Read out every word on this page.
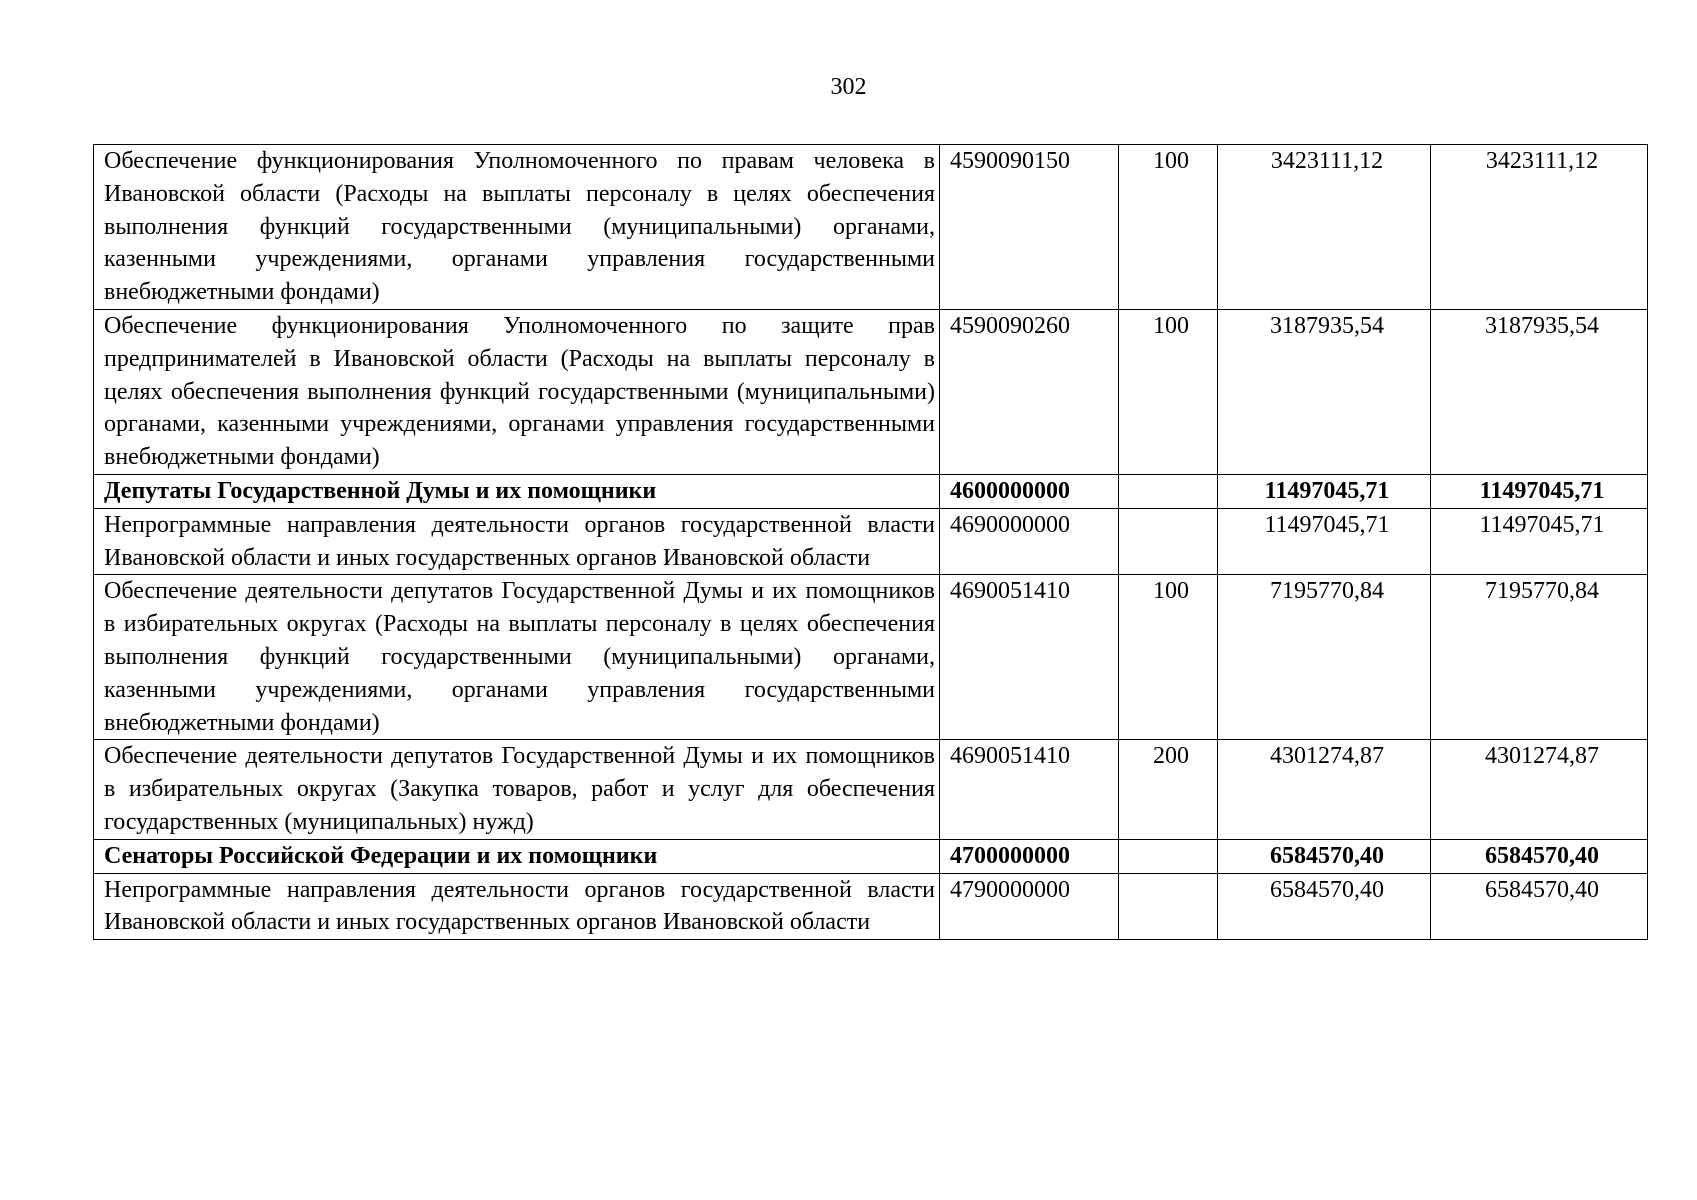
302
Обеспечение функционирования Уполномоченного по правам человека в Ивановской области (Расходы на выплаты персоналу в целях обеспечения выполнения функций государственными (муниципальными) органами, казенными учреждениями, органами управления государственными внебюджетными фондами)	4590090150	100	3423111,12	3423111,12
Обеспечение функционирования Уполномоченного по защите прав предпринимателей в Ивановской области (Расходы на выплаты персоналу в целях обеспечения выполнения функций государственными (муниципальными) органами, казенными учреждениями, органами управления государственными внебюджетными фондами)	4590090260	100	3187935,54	3187935,54
Депутаты Государственной Думы и их помощники	4600000000		11497045,71	11497045,71
Непрограммные направления деятельности органов государственной власти Ивановской области и иных государственных органов Ивановской области	4690000000		11497045,71	11497045,71
Обеспечение деятельности депутатов Государственной Думы и их помощников в избирательных округах (Расходы на выплаты персоналу в целях обеспечения выполнения функций государственными (муниципальными) органами, казенными учреждениями, органами управления государственными внебюджетными фондами)	4690051410	100	7195770,84	7195770,84
Обеспечение деятельности депутатов Государственной Думы и их помощников в избирательных округах (Закупка товаров, работ и услуг для обеспечения государственных (муниципальных) нужд)	4690051410	200	4301274,87	4301274,87
Сенаторы Российской Федерации и их помощники	4700000000		6584570,40	6584570,40
Непрограммные направления деятельности органов государственной власти Ивановской области и иных государственных органов Ивановской области	4790000000		6584570,40	6584570,40
